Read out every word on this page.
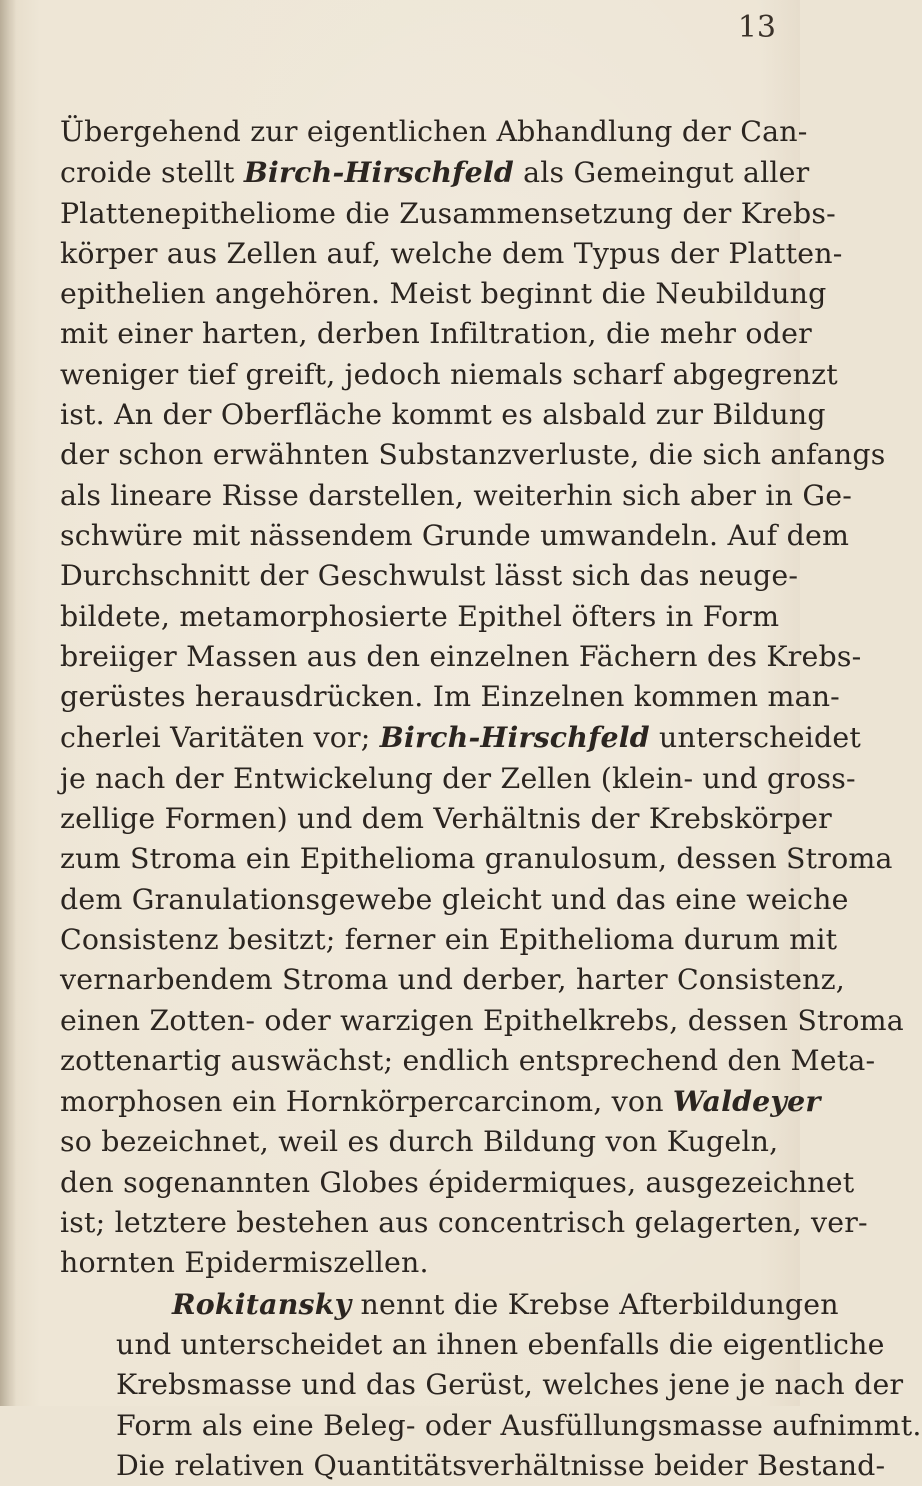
13

Übergehend zur eigentlichen Abhandlung der Can-
croide stellt Birch-Hirschfeld als Gemeingut aller
Plattenepitheliome die Zusammensetzung der Krebs-
körper aus Zellen auf, welche dem Typus der Platten-
epithelien angehören. Meist beginnt die Neubildung
mit einer harten, derben Infiltration, die mehr oder
weniger tief greift, jedoch niemals scharf abgegrenzt
ist. An der Oberfläche kommt es alsbald zur Bildung
der schon erwähnten Substanzverluste, die sich anfangs
als lineare Risse darstellen, weiterhin sich aber in Ge-
schwüre mit nässendem Grunde umwandeln. Auf dem
Durchschnitt der Geschwulst lässt sich das neuge-
bildete, metamorphosierte Epithel öfters in Form
breiiger Massen aus den einzelnen Fächern des Krebs-
gerüstes herausdrücken. Im Einzelnen kommen man-
cherlei Varitäten vor; Birch-Hirschfeld unterscheidet
je nach der Entwickelung der Zellen (klein- und gross-
zellige Formen) und dem Verhältnis der Krebskörper
zum Stroma ein Epithelioma granulosum, dessen Stroma
dem Granulationsgewebe gleicht und das eine weiche
Consistenz besitzt; ferner ein Epithelioma durum mit
vernarbendem Stroma und derber, harter Consistenz,
einen Zotten- oder warzigen Epithelkrebs, dessen Stroma
zottenartig auswächst; endlich entsprechend den Meta-
morphosen ein Hornkörpercarcinom, von Waldeyer
so bezeichnet, weil es durch Bildung von Kugeln,
den sogenannten Globes épidermiques, ausgezeichnet
ist; letztere bestehen aus concentrisch gelagerten, ver-
hornten Epidermiszellen.

Rokitansky nennt die Krebse Afterbildungen
und unterscheidet an ihnen ebenfalls die eigentliche
Krebsmasse und das Gerüst, welches jene je nach der
Form als eine Beleg- oder Ausfüllungsmasse aufnimmt.
Die relativen Quantitätsverhältnisse beider Bestand-
